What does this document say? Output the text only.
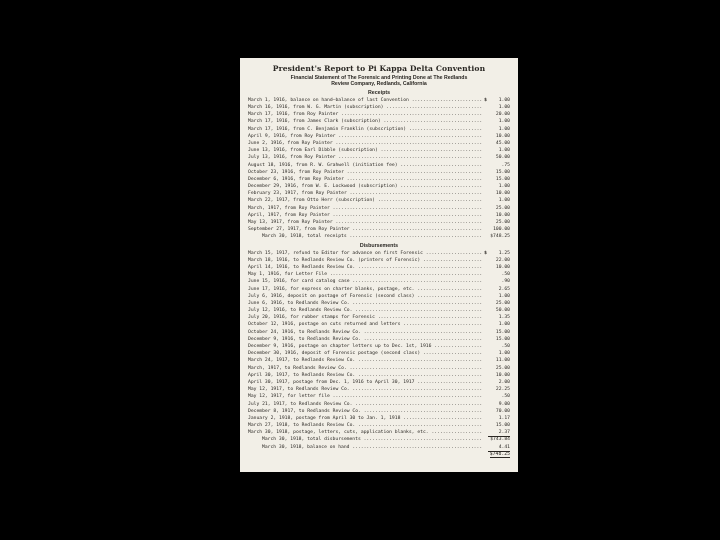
President's Report to Pi Kappa Delta Convention
Financial Statement of The Forensic and Printing Done at The Redlands
Review Company, Redlands, California
Receipts
March 1, 1916, balance on hand—balance of last Convention .....	$	1.00
March 16, 1916, from W. G. Martin (subscription) .....	1.00
March 17, 1916, from Roy Painter .....	20.00
March 17, 1916, from James Clark (subscription) .....	1.00
March 17, 1916, from C. Benjamin Franklin (subscription) .....	1.00
April 9, 1916, from Roy Painter .....	10.00
June 2, 1916, from Roy Painter .....	45.00
June 13, 1916, from Earl Dibble (subscription) .....	1.00
July 13, 1916, from Roy Painter .....	50.00
August 18, 1916, from R. W. Grahwell (initiation fee) .....	.75
October 23, 1916, from Roy Painter .....	15.00
December 6, 1916, from Roy Painter .....	15.00
December 29, 1916, from W. E. Lockwood (subscription) .....	1.00
February 23, 1917, from Roy Painter .....	10.00
March 22, 1917, from Otto Herr (subscription) .....	1.00
March, 1917, from Roy Painter .....	25.00
April, 1917, from Roy Painter .....	10.00
May 13, 1917, from Roy Painter .....	25.00
September 27, 1917, from Roy Painter .....	100.00
March 30, 1918, total receipts .....	$748.25
Disbursements
March 15, 1917, refund to Editor for advance on first Forensic .....	$	1.25
March 18, 1916, to Redlands Review Co. (printers of Forensic) .....	22.00
April 14, 1916, to Redlands Review Co. .....	10.00
May 1, 1916, for Letter File .....	.50
June 15, 1916, for card catalog case .....	.90
June 17, 1916, for express on charter blanks, postage, etc. .....	2.65
July 6, 1916, deposit on postage of Forensic (second class) .....	1.00
June 6, 1916, to Redlands Review Co. .....	25.00
July 12, 1916, to Redlands Review Co. .....	50.00
July 20, 1916, for rubber stamps for Forensic .....	1.35
October 12, 1916, postage on cuts returned and letters .....	1.00
October 24, 1916, to Redlands Review Co. .....	15.00
December 9, 1916, to Redlands Review Co. .....	15.00
December 9, 1916, postage on chapter letters up to Dec. 1st, 1916 .....	.50
December 30, 1916, deposit of Forensic postage (second class) .....	1.00
March 24, 1917, to Redlands Review Co. .....	11.00
March, 1917, to Redlands Review Co. .....	25.00
April 30, 1917, to Redlands Review Co. .....	10.00
April 30, 1917, postage from Dec. 1, 1916 to April 30, 1917 .....	2.00
May 12, 1917, to Redlands Review Co. .....	22.25
May 12, 1917, for letter file .....	.50
July 21, 1917, to Redlands Review Co. .....	9.00
December 8, 1917, to Redlands Review Co. .....	70.00
January 2, 1918, postage from April 30 to Jan. 1, 1918 .....	1.17
March 27, 1918, to Redlands Review Co. .....	15.00
March 30, 1918, postage, letters, cuts, application blanks, etc. .....	2.37
March 30, 1918, total disbursements .....	$743.84
March 30, 1918, balance on hand .....	4.41
$748.25
